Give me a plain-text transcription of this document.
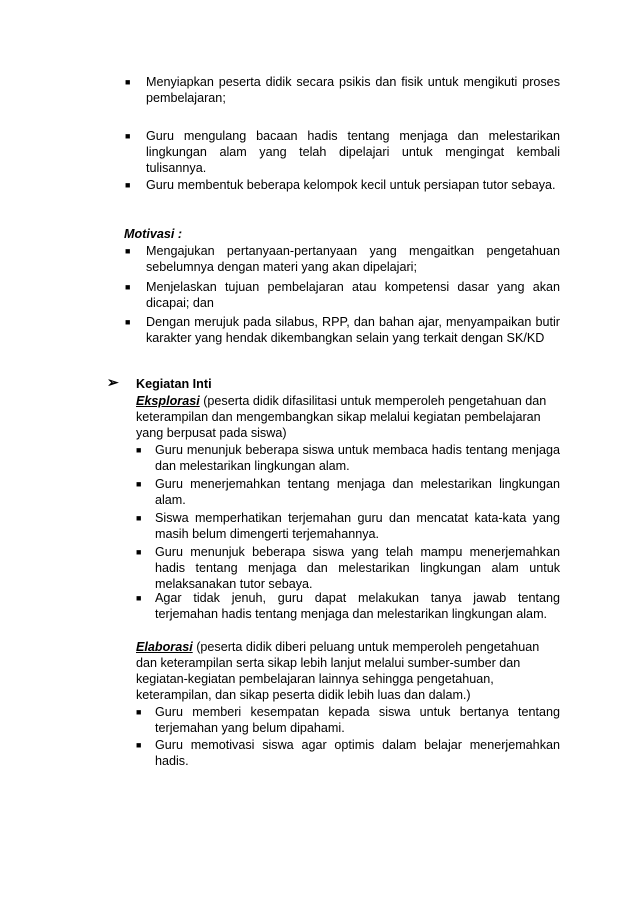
■ Menyiapkan peserta didik secara psikis dan fisik untuk mengikuti proses pembelajaran;
■ Guru mengulang bacaan hadis tentang menjaga dan melestarikan lingkungan alam yang telah dipelajari untuk mengingat kembali tulisannya.
■ Guru membentuk beberapa kelompok kecil untuk persiapan tutor sebaya.
Motivasi :
■ Mengajukan pertanyaan-pertanyaan yang mengaitkan pengetahuan sebelumnya dengan materi yang akan dipelajari;
■ Menjelaskan tujuan pembelajaran atau kompetensi dasar yang akan dicapai; dan
■ Dengan merujuk pada silabus, RPP, dan bahan ajar, menyampaikan butir karakter yang hendak dikembangkan selain yang terkait dengan SK/KD
➢ Kegiatan Inti
Eksplorasi (peserta didik difasilitasi untuk memperoleh pengetahuan dan keterampilan dan mengembangkan sikap melalui kegiatan pembelajaran yang berpusat pada siswa)
■ Guru menunjuk beberapa siswa untuk membaca hadis tentang menjaga dan melestarikan lingkungan alam.
■ Guru menerjemahkan tentang menjaga dan melestarikan lingkungan alam.
■ Siswa memperhatikan terjemahan guru dan mencatat kata-kata yang masih belum dimengerti terjemahannya.
■ Guru menunjuk beberapa siswa yang telah mampu menerjemahkan hadis tentang menjaga dan melestarikan lingkungan alam untuk melaksanakan tutor sebaya.
■ Agar tidak jenuh, guru dapat melakukan tanya jawab tentang terjemahan hadis tentang menjaga dan melestarikan lingkungan alam.
Elaborasi (peserta didik diberi peluang untuk memperoleh pengetahuan dan keterampilan serta sikap lebih lanjut melalui sumber-sumber dan kegiatan-kegiatan pembelajaran lainnya sehingga pengetahuan, keterampilan, dan sikap peserta didik lebih luas dan dalam.)
■ Guru memberi kesempatan kepada siswa untuk bertanya tentang terjemahan yang belum dipahami.
■ Guru memotivasi siswa agar optimis dalam belajar menerjemahkan hadis.
